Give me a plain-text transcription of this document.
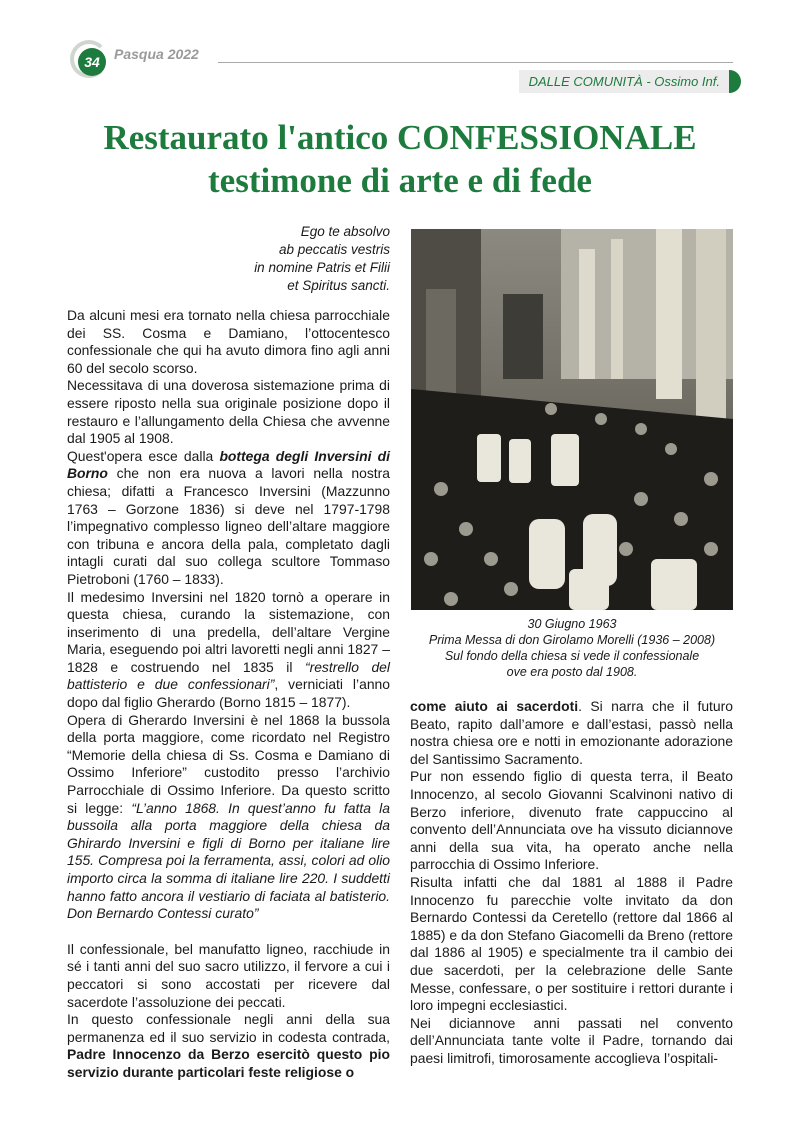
34	Pasqua 2022
DALLE COMUNITÀ - Ossimo Inf.
Restaurato l'antico CONFESSIONALE
testimone di arte e di fede
Ego te absolvo
ab peccatis vestris
in nomine Patris et Filii
et Spiritus sancti.
30 Giugno 1963
Prima Messa di don Girolamo Morelli (1936 – 2008)
Sul fondo della chiesa si vede il confessionale
ove era posto dal 1908.

Da alcuni mesi era tornato nella chiesa parrocchiale dei SS. Cosma e Damiano, l’ottocentesco confessionale che qui ha avuto dimora fino agli anni 60 del secolo scorso.

Necessitava di una doverosa sistemazione prima di essere riposto nella sua originale posizione dopo il restauro e l’allungamento della Chiesa che avvenne dal 1905 al 1908.

Quest'opera esce dalla bottega degli Inversini di Borno che non era nuova a lavori nella nostra chiesa; difatti a Francesco Inversini (Mazzunno 1763 – Gorzone 1836) si deve nel 1797-1798 l’impegnativo complesso ligneo dell’altare maggiore con tribuna e ancora della pala, completato dagli intagli curati dal suo collega scultore Tommaso Pietroboni (1760 – 1833).

Il medesimo Inversini nel 1820 tornò a operare in questa chiesa, curando la sistemazione, con inserimento di una predella, dell’altare Vergine Maria, eseguendo poi altri lavoretti negli anni 1827 – 1828 e costruendo nel 1835 il “restrello del battisterio e due confessionari”, verniciati l’anno dopo dal figlio Gherardo (Borno 1815 – 1877).

Opera di Gherardo Inversini è nel 1868 la bussola della porta maggiore, come ricordato nel Registro “Memorie della chiesa di Ss. Cosma e Damiano di Ossimo Inferiore” custodito presso l’archivio Parrocchiale di Ossimo Inferiore. Da questo scritto si legge: “L’anno 1868. In quest’anno fu fatta la bussoila alla porta maggiore della chiesa da Ghirardo Inversini e figli di Borno per italiane lire 155. Compresa poi la ferramenta, assi, colori ad olio importo circa la somma di italiane lire 220. I suddetti hanno fatto ancora il vestiario di faciata al batisterio. Don Bernardo Contessi curato”

Il confessionale, bel manufatto ligneo, racchiude in sé i tanti anni del suo sacro utilizzo, il fervore a cui i peccatori si sono accostati per ricevere dal sacerdote l’assoluzione dei peccati.

In questo confessionale negli anni della sua permanenza ed il suo servizio in codesta contrada, Padre Innocenzo da Berzo esercitò questo pio servizio durante particolari feste religiose o

come aiuto ai sacerdoti. Si narra che il futuro Beato, rapito dall’amore e dall’estasi, passò nella nostra chiesa ore e notti in emozionante adorazione del Santissimo Sacramento.

Pur non essendo figlio di questa terra, il Beato Innocenzo, al secolo Giovanni Scalvinoni nativo di Berzo inferiore, divenuto frate cappuccino al convento dell’Annunciata ove ha vissuto diciannove anni della sua vita, ha operato anche nella parrocchia di Ossimo Inferiore.

Risulta infatti che dal 1881 al 1888 il Padre Innocenzo fu parecchie volte invitato da don Bernardo Contessi da Ceretello (rettore dal 1866 al 1885) e da don Stefano Giacomelli da Breno (rettore dal 1886 al 1905) e specialmente tra il cambio dei due sacerdoti, per la celebrazione delle Sante Messe, confessare, o per sostituire i rettori durante i loro impegni ecclesiastici.

Nei diciannove anni passati nel convento dell’Annunciata tante volte il Padre, tornando dai paesi limitrofi, timorosamente accoglieva l’ospitali-
